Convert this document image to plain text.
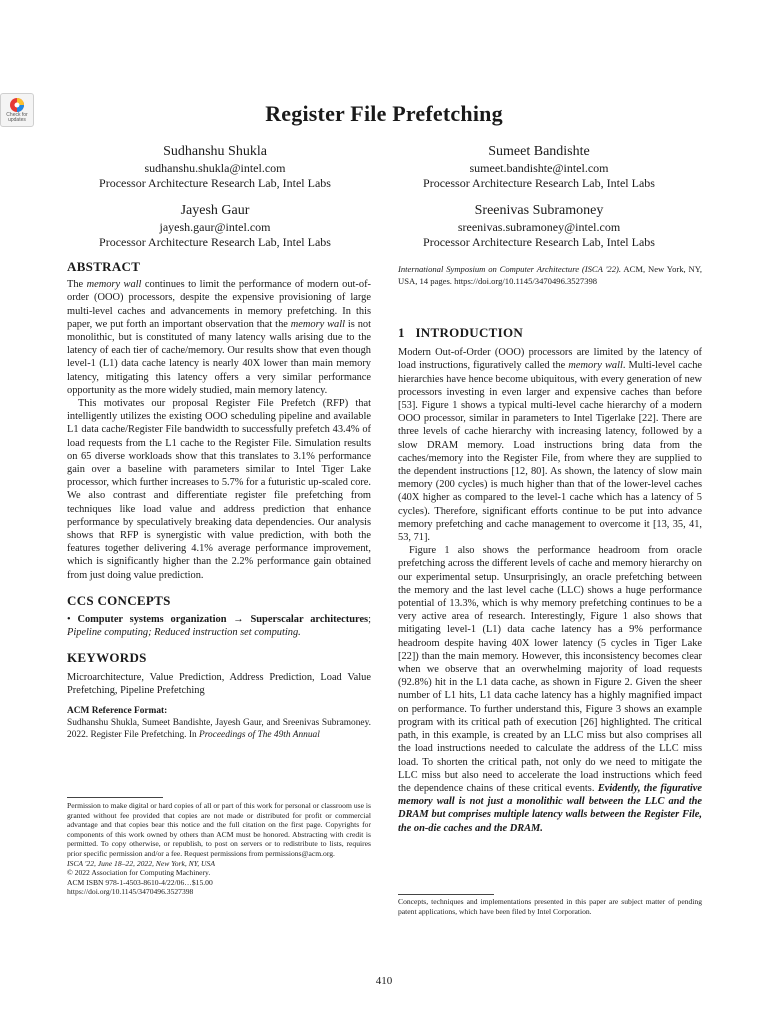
Check for
updates	Register File Prefetching
Sudhanshu Shukla
sudhanshu.shukla@intel.com
Processor Architecture Research Lab, Intel Labs
Sumeet Bandishte
sumeet.bandishte@intel.com
Processor Architecture Research Lab, Intel Labs
Jayesh Gaur
jayesh.gaur@intel.com
Processor Architecture Research Lab, Intel Labs
Sreenivas Subramoney
sreenivas.subramoney@intel.com
Processor Architecture Research Lab, Intel Labs
ABSTRACT

The memory wall continues to limit the performance of modern out-of-order (OOO) processors, despite the expensive provisioning of large multi-level caches and advancements in memory prefetching. In this paper, we put forth an important observation that the memory wall is not monolithic, but is constituted of many latency walls arising due to the latency of each tier of cache/memory. Our results show that even though level-1 (L1) data cache latency is nearly 40X lower than main memory latency, mitigating this latency offers a very similar performance opportunity as the more widely studied, main memory latency.

This motivates our proposal Register File Prefetch (RFP) that intelligently utilizes the existing OOO scheduling pipeline and available L1 data cache/Register File bandwidth to successfully prefetch 43.4% of load requests from the L1 cache to the Register File. Simulation results on 65 diverse workloads show that this translates to 3.1% performance gain over a baseline with parameters similar to Intel Tiger Lake processor, which further increases to 5.7% for a futuristic up-scaled core. We also contrast and differentiate register file prefetching from techniques like load value and address prediction that enhance performance by speculatively breaking data dependencies. Our analysis shows that RFP is synergistic with value prediction, with both the features together delivering 4.1% average performance improvement, which is significantly higher than the 2.2% performance gain obtained from just doing value prediction.

CCS CONCEPTS

• Computer systems organization → Superscalar architectures; Pipeline computing; Reduced instruction set computing.

KEYWORDS

Microarchitecture, Value Prediction, Address Prediction, Load Value Prefetching, Pipeline Prefetching

ACM Reference Format:
Sudhanshu Shukla, Sumeet Bandishte, Jayesh Gaur, and Sreenivas Subramoney. 2022. Register File Prefetching. In Proceedings of The 49th Annual

Permission to make digital or hard copies of all or part of this work for personal or classroom use is granted without fee provided that copies are not made or distributed for profit or commercial advantage and that copies bear this notice and the full citation on the first page. Copyrights for components of this work owned by others than ACM must be honored. Abstracting with credit is permitted. To copy otherwise, or republish, to post on servers or to redistribute to lists, requires prior specific permission and/or a fee. Request permissions from permissions@acm.org.

ISCA '22, June 18–22, 2022, New York, NY, USA

© 2022 Association for Computing Machinery.

ACM ISBN 978-1-4503-8610-4/22/06…$15.00

https://doi.org/10.1145/3470496.3527398

International Symposium on Computer Architecture (ISCA '22). ACM, New York, NY, USA, 14 pages. https://doi.org/10.1145/3470496.3527398
1   INTRODUCTION

Modern Out-of-Order (OOO) processors are limited by the latency of load instructions, figuratively called the memory wall. Multi-level cache hierarchies have hence become ubiquitous, with every generation of new processors investing in even larger and expensive caches than before [53]. Figure 1 shows a typical multi-level cache hierarchy of a modern OOO processor, similar in parameters to Intel Tigerlake [22]. There are three levels of cache hierarchy with increasing latency, followed by a slow DRAM memory. Load instructions bring data from the caches/memory into the Register File, from where they are supplied to the dependent instructions [12, 80]. As shown, the latency of slow main memory (200 cycles) is much higher than that of the lower-level caches (40X higher as compared to the level-1 cache which has a latency of 5 cycles). Therefore, significant efforts continue to be put into advance memory prefetching and cache management to overcome it [13, 35, 41, 53, 71].

Figure 1 also shows the performance headroom from oracle prefetching across the different levels of cache and memory hierarchy on our experimental setup. Unsurprisingly, an oracle prefetching between the memory and the last level cache (LLC) shows a huge performance potential of 13.3%, which is why memory prefetching continues to be a very active area of research. Interestingly, Figure 1 also shows that mitigating level-1 (L1) data cache latency has a 9% performance headroom despite having 40X lower latency (5 cycles in Tiger Lake [22]) than the main memory. However, this inconsistency becomes clear when we observe that an overwhelming majority of load requests (92.8%) hit in the L1 data cache, as shown in Figure 2. Given the sheer number of L1 hits, L1 data cache latency has a highly magnified impact on performance. To further understand this, Figure 3 shows an example program with its critical path of execution [26] highlighted. The critical path, in this example, is created by an LLC miss but also comprises all the load instructions needed to calculate the address of the LLC miss load. To shorten the critical path, not only do we need to mitigate the LLC miss but also need to accelerate the load instructions which feed the dependence chains of these critical events. Evidently, the figurative memory wall is not just a monolithic wall between the LLC and the DRAM but comprises multiple latency walls between the Register File, the on-die caches and the DRAM.

Concepts, techniques and implementations presented in this paper are subject matter of pending patent applications, which have been filed by Intel Corporation.
410
